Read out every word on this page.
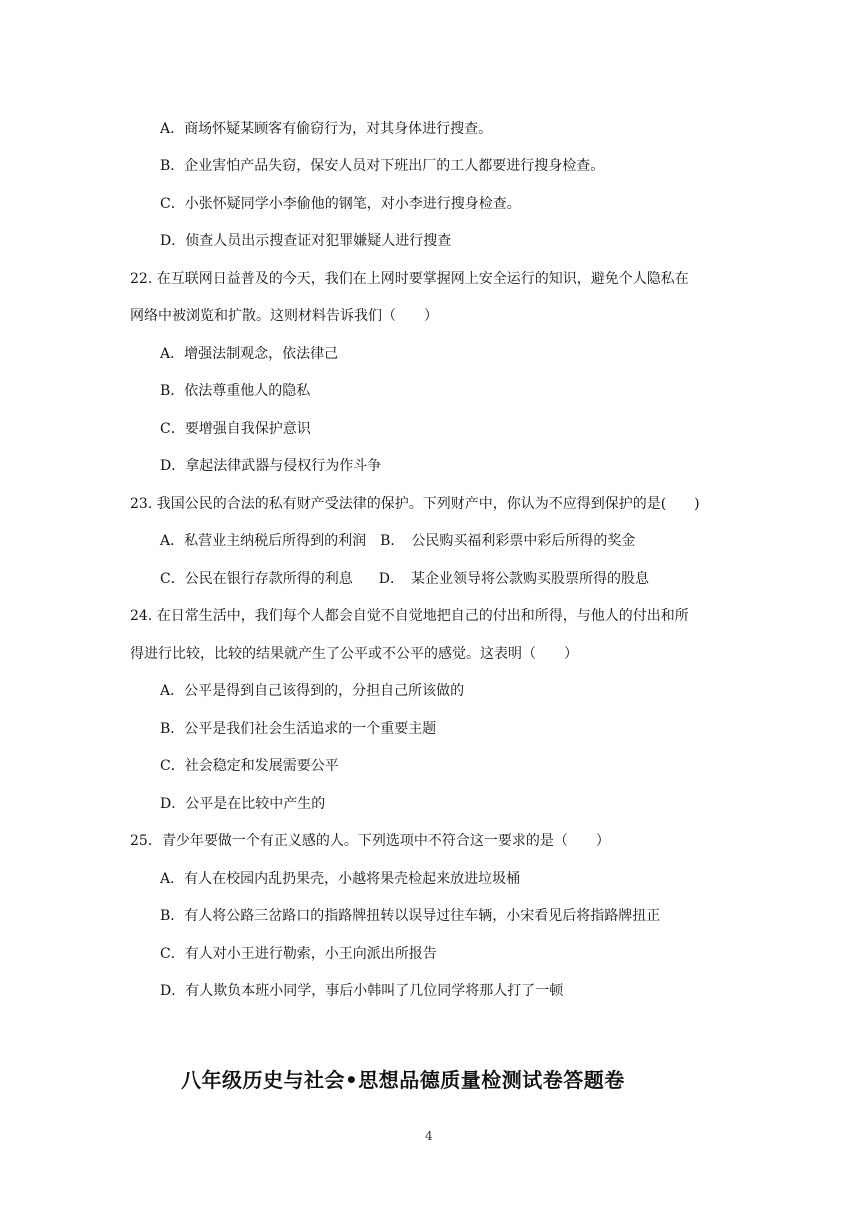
A．商场怀疑某顾客有偷窃行为，对其身体进行搜查。
B．企业害怕产品失窃，保安人员对下班出厂的工人都要进行搜身检查。
C．小张怀疑同学小李偷他的钢笔，对小李进行搜身检查。
D．侦查人员出示搜查证对犯罪嫌疑人进行搜查
22. 在互联网日益普及的今天，我们在上网时要掌握网上安全运行的知识，避免个人隐私在
网络中被浏览和扩散。这则材料告诉我们（　　）
A．增强法制观念，依法律己
B．依法尊重他人的隐私
C．要增强自我保护意识
D．拿起法律武器与侵权行为作斗争
23. 我国公民的合法的私有财产受法律的保护。下列财产中，你认为不应得到保护的是(　　)
A．私营业主纳税后所得到的利润 B．　公民购买福利彩票中彩后所得的奖金
C．公民在银行存款所得的利息 D．　某企业领导将公款购买股票所得的股息
24. 在日常生活中，我们每个人都会自觉不自觉地把自己的付出和所得，与他人的付出和所
得进行比较，比较的结果就产生了公平或不公平的感觉。这表明（　　）
A．公平是得到自己该得到的，分担自己所该做的
B．公平是我们社会生活追求的一个重要主题
C．社会稳定和发展需要公平
D．公平是在比较中产生的
25．青少年要做一个有正义感的人。下列选项中不符合这一要求的是（　　）
A．有人在校园内乱扔果壳，小越将果壳检起来放进垃圾桶
B．有人将公路三岔路口的指路牌扭转以误导过往车辆，小宋看见后将指路牌扭正
C．有人对小王进行勒索，小王向派出所报告
D．有人欺负本班小同学，事后小韩叫了几位同学将那人打了一顿
八年级历史与社会•思想品德质量检测试卷答题卷
4
